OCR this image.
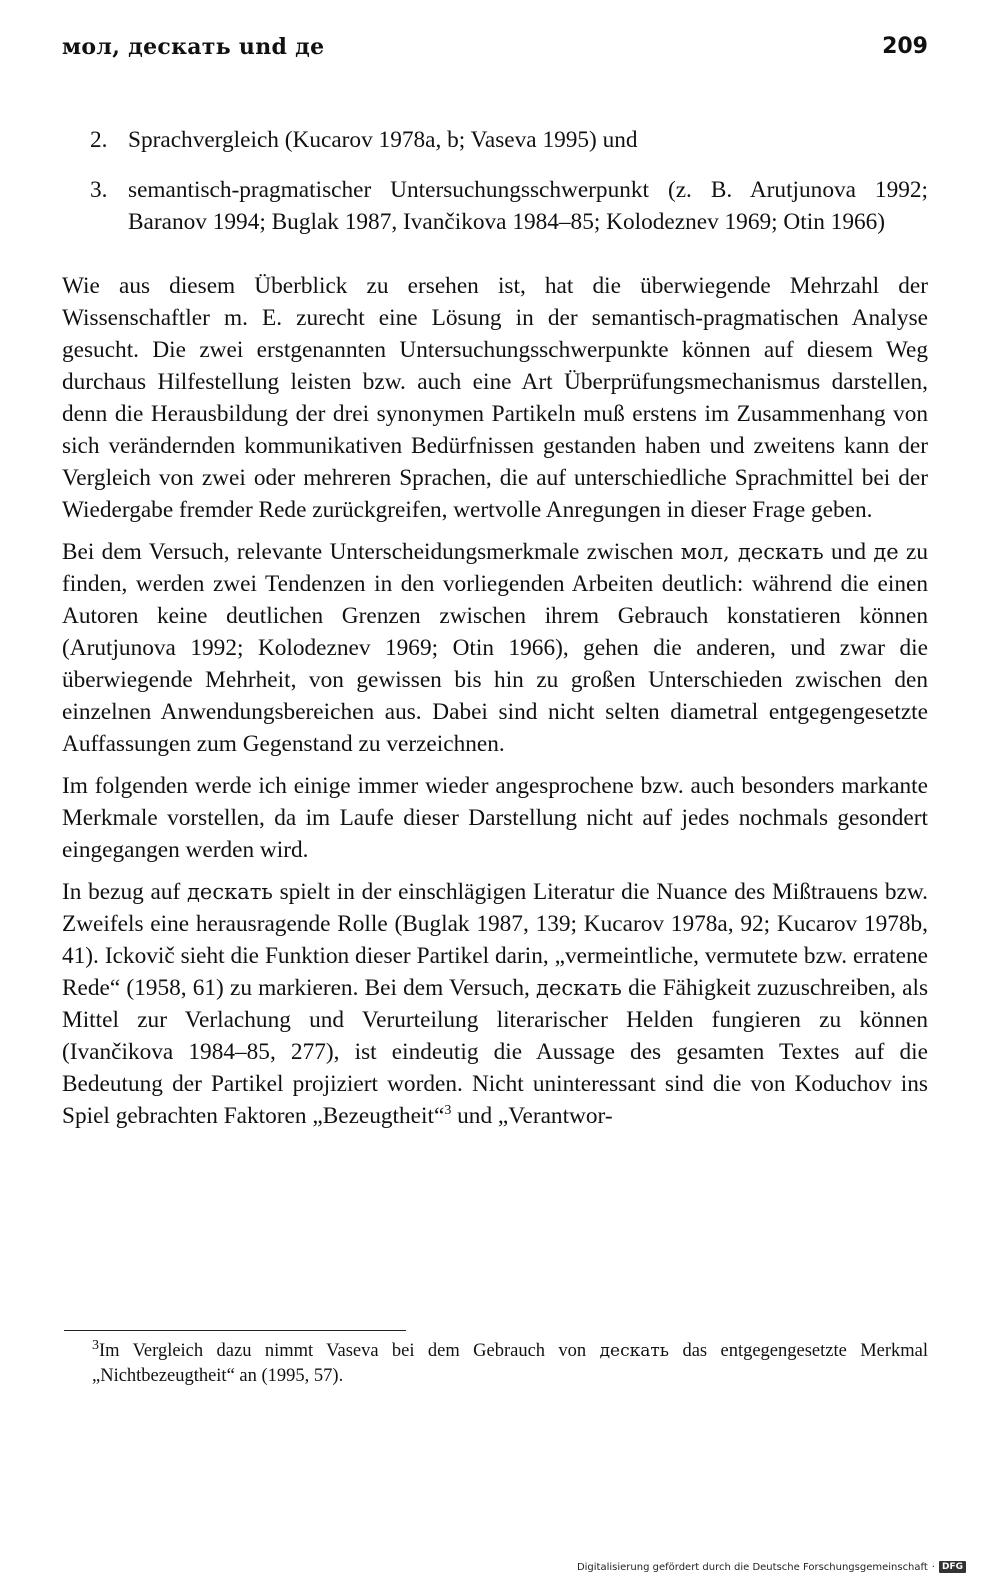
мол, дескать und де	209
2. Sprachvergleich (Kucarov 1978a, b; Vaseva 1995) und
3. semantisch-pragmatischer Untersuchungsschwerpunkt (z. B. Arutjunova 1992; Baranov 1994; Buglak 1987, Ivančikova 1984–85; Kolodeznev 1969; Otin 1966)

Wie aus diesem Überblick zu ersehen ist, hat die überwiegende Mehrzahl der Wissenschaftler m. E. zurecht eine Lösung in der semantisch-pragmatischen Analyse gesucht. Die zwei erstgenannten Untersuchungsschwerpunkte können auf diesem Weg durchaus Hilfestellung leisten bzw. auch eine Art Überprüfungsmechanismus darstellen, denn die Herausbildung der drei synonymen Partikeln muß erstens im Zusammenhang von sich verändernden kommunikativen Bedürfnissen gestanden haben und zweitens kann der Vergleich von zwei oder mehreren Sprachen, die auf unterschiedliche Sprachmittel bei der Wiedergabe fremder Rede zurückgreifen, wertvolle Anregungen in dieser Frage geben.

Bei dem Versuch, relevante Unterscheidungsmerkmale zwischen мол, дескать und де zu finden, werden zwei Tendenzen in den vorliegenden Arbeiten deutlich: während die einen Autoren keine deutlichen Grenzen zwischen ihrem Gebrauch konstatieren können (Arutjunova 1992; Kolodeznev 1969; Otin 1966), gehen die anderen, und zwar die überwiegende Mehrheit, von gewissen bis hin zu großen Unterschieden zwischen den einzelnen Anwendungsbereichen aus. Dabei sind nicht selten diametral entgegengesetzte Auffassungen zum Gegenstand zu verzeichnen.

Im folgenden werde ich einige immer wieder angesprochene bzw. auch besonders markante Merkmale vorstellen, da im Laufe dieser Darstellung nicht auf jedes nochmals gesondert eingegangen werden wird.

In bezug auf дескать spielt in der einschlägigen Literatur die Nuance des Mißtrauens bzw. Zweifels eine herausragende Rolle (Buglak 1987, 139; Kucarov 1978a, 92; Kucarov 1978b, 41). Ickovič sieht die Funktion dieser Partikel darin, „vermeintliche, vermutete bzw. erratene Rede“ (1958, 61) zu markieren. Bei dem Versuch, дескать die Fähigkeit zuzuschreiben, als Mittel zur Verlachung und Verurteilung literarischer Helden fungieren zu können (Ivančikova 1984–85, 277), ist eindeutig die Aussage des gesamten Textes auf die Bedeutung der Partikel projiziert worden. Nicht uninteressant sind die von Koduchov ins Spiel gebrachten Faktoren „Bezeugtheit“$^3$ und „Verantwor-

$^3$Im Vergleich dazu nimmt Vaseva bei dem Gebrauch von дескать das entgegengesetzte Merkmal „Nichtbezeugtheit“ an (1995, 57).
Digitalisierung gefördert durch die Deutsche Forschungsgemeinschaft · DFG
